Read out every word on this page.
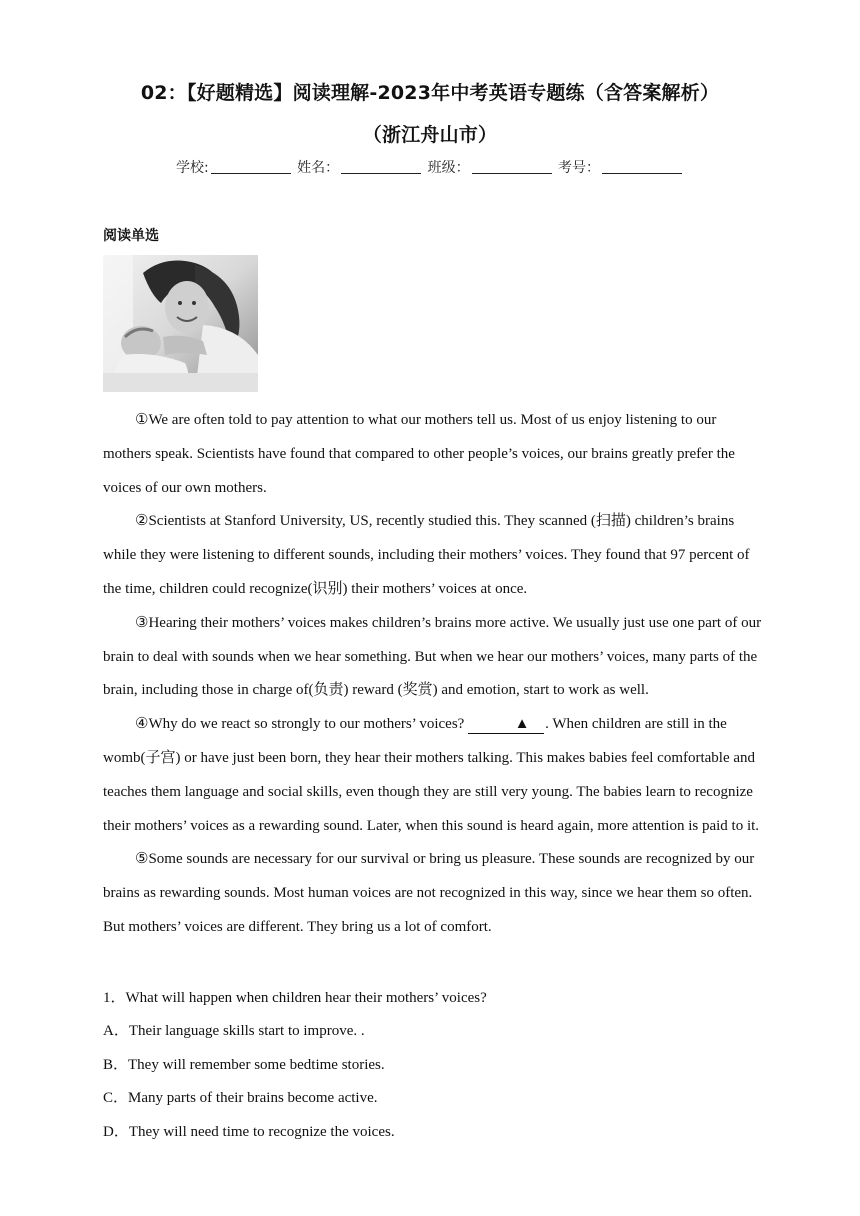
02：【好题精选】阅读理解-2023年中考英语专题练（含答案解析）
（浙江舟山市）
学校:	姓名：	班级：	考号：
阅读单选

①We are often told to pay attention to what our mothers tell us. Most of us enjoy listening to our mothers speak. Scientists have found that compared to other people’s voices, our brains greatly prefer the voices of our own mothers.

②Scientists at Stanford University, US, recently studied this. They scanned (扫描) children’s brains while they were listening to different sounds, including their mothers’ voices. They found that 97 percent of the time, children could recognize(识别) their mothers’ voices at once.

③Hearing their mothers’ voices makes children’s brains more active. We usually just use one part of our brain to deal with sounds when we hear something. But when we hear our mothers’ voices, many parts of the brain, including those in charge of(负责) reward (奖赏) and emotion, start to work as well.

④Why do we react so strongly to our mothers’ voices?	▲ . When children are still in the womb(子宫) or have just been born, they hear their mothers talking. This makes babies feel comfortable and teaches them language and social skills, even though they are still very young. The babies learn to recognize their mothers’ voices as a rewarding sound. Later, when this sound is heard again, more attention is paid to it.

⑤Some sounds are necessary for our survival or bring us pleasure. These sounds are recognized by our brains as rewarding sounds. Most human voices are not recognized in this way, since we hear them so often. But mothers’ voices are different. They bring us a lot of comfort.

1．What will happen when children hear their mothers’ voices?
A．Their language skills start to improve. .
B．They will remember some bedtime stories.
C．Many parts of their brains become active.
D．They will need time to recognize the voices.
